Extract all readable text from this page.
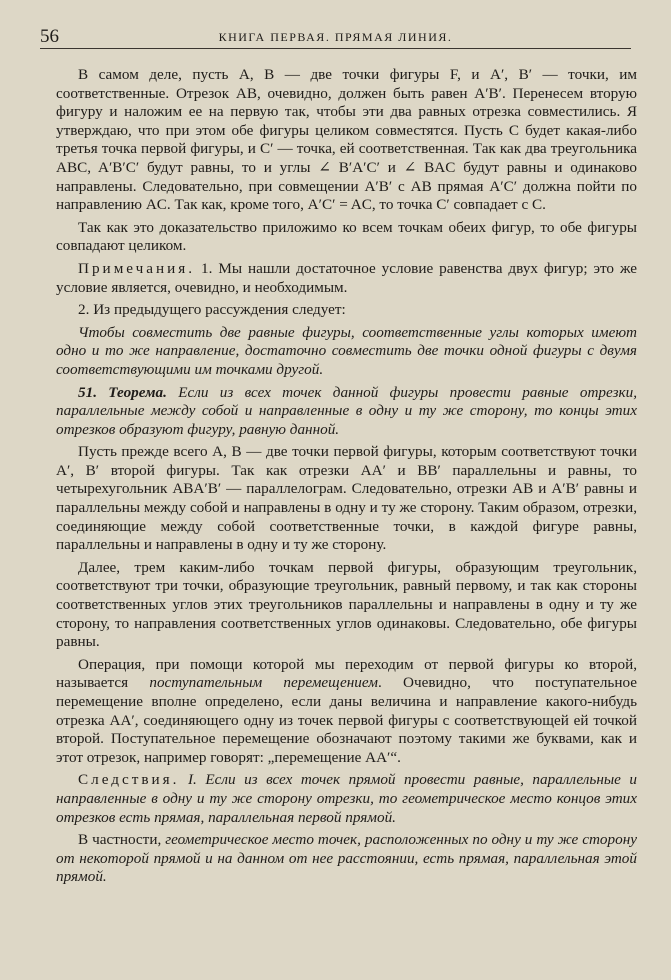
56	КНИГА ПЕРВАЯ. ПРЯМАЯ ЛИНИЯ.

В самом деле, пусть A, B — две точки фигуры F, и A′, B′ — точки, им соответственные. Отрезок AB, очевидно, должен быть равен A′B′. Перенесем вторую фигуру и наложим ее на первую так, чтобы эти два равных отрезка совместились. Я утверждаю, что при этом обе фигуры целиком совместятся. Пусть C будет какая-либо третья точка первой фигуры, и C′ — точка, ей соответственная. Так как два треугольника ABC, A′B′C′ будут равны, то и углы ∠ B′A′C′ и ∠ BAC будут равны и одинаково направлены. Следовательно, при совмещении A′B′ с AB прямая A′C′ должна пойти по направлению AC. Так как, кроме того, A′C′ = AC, то точка C′ совпадает с C.

Так как это доказательство приложимо ко всем точкам обеих фигур, то обе фигуры совпадают целиком.

Примечания. 1. Мы нашли достаточное условие равенства двух фигур; это же условие является, очевидно, и необходимым.

2. Из предыдущего рассуждения следует:

Чтобы совместить две равные фигуры, соответственные углы которых имеют одно и то же направление, достаточно совместить две точки одной фигуры с двумя соответствующими им точками другой.

51. Теорема. Если из всех точек данной фигуры провести равные отрезки, параллельные между собой и направленные в одну и ту же сторону, то концы этих отрезков образуют фигуру, равную данной.

Пусть прежде всего A, B — две точки первой фигуры, которым соответствуют точки A′, B′ второй фигуры. Так как отрезки AA′ и BB′ параллельны и равны, то четырехугольник ABA′B′ — параллелограм. Следовательно, отрезки AB и A′B′ равны и параллельны между собой и направлены в одну и ту же сторону. Таким образом, отрезки, соединяющие между собой соответственные точки, в каждой фигуре равны, параллельны и направлены в одну и ту же сторону.

Далее, трем каким-либо точкам первой фигуры, образующим треугольник, соответствуют три точки, образующие треугольник, равный первому, и так как стороны соответственных углов этих треугольников параллельны и направлены в одну и ту же сторону, то направления соответственных углов одинаковы. Следовательно, обе фигуры равны.

Операция, при помощи которой мы переходим от первой фигуры ко второй, называется поступательным перемещением. Очевидно, что поступательное перемещение вполне определено, если даны величина и направление какого-нибудь отрезка AA′, соединяющего одну из точек первой фигуры с соответствующей ей точкой второй. Поступательное перемещение обозначают поэтому такими же буквами, как и этот отрезок, например говорят: „перемещение AA′“.

Следствия. I. Если из всех точек прямой провести равные, параллельные и направленные в одну и ту же сторону отрезки, то геометрическое место концов этих отрезков есть прямая, параллельная первой прямой.

В частности, геометрическое место точек, расположенных по одну и ту же сторону от некоторой прямой и на данном от нее расстоянии, есть прямая, параллельная этой прямой.
